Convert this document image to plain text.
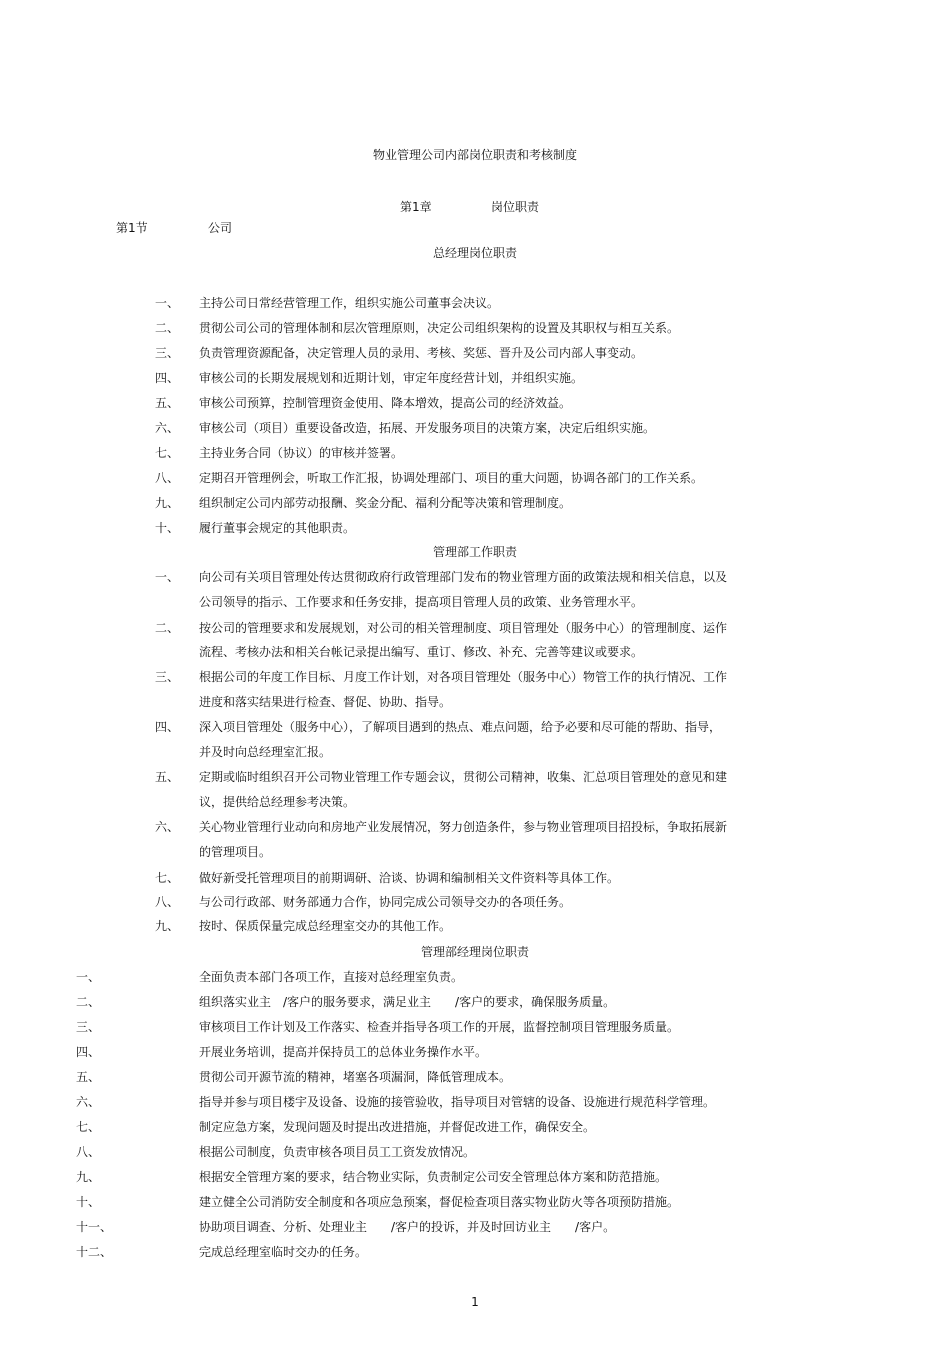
物业管理公司内部岗位职责和考核制度
第1章	岗位职责
第1节	公司
总经理岗位职责
一、 主持公司日常经营管理工作，组织实施公司董事会决议。
二、 贯彻公司公司的管理体制和层次管理原则，决定公司组织架构的设置及其职权与相互关系。
三、 负责管理资源配备，决定管理人员的录用、考核、奖惩、晋升及公司内部人事变动。
四、 审核公司的长期发展规划和近期计划，审定年度经营计划，并组织实施。
五、 审核公司预算，控制管理资金使用、降本增效，提高公司的经济效益。
六、 审核公司（项目）重要设备改造，拓展、开发服务项目的决策方案，决定后组织实施。
七、 主持业务合同（协议）的审核并签署。
八、 定期召开管理例会，听取工作汇报，协调处理部门、项目的重大问题，协调各部门的工作关系。
九、 组织制定公司内部劳动报酬、奖金分配、福利分配等决策和管理制度。
十、 履行董事会规定的其他职责。
管理部工作职责
一、 向公司有关项目管理处传达贯彻政府行政管理部门发布的物业管理方面的政策法规和相关信息，以及
公司领导的指示、工作要求和任务安排，提高项目管理人员的政策、业务管理水平。
二、 按公司的管理要求和发展规划，对公司的相关管理制度、项目管理处（服务中心）的管理制度、运作
流程、考核办法和相关台帐记录提出编写、重订、修改、补充、完善等建议或要求。
三、 根据公司的年度工作目标、月度工作计划，对各项目管理处（服务中心）物管工作的执行情况、工作
进度和落实结果进行检查、督促、协助、指导。
四、 深入项目管理处（服务中心），了解项目遇到的热点、难点问题，给予必要和尽可能的帮助、指导，
并及时向总经理室汇报。
五、 定期或临时组织召开公司物业管理工作专题会议，贯彻公司精神，收集、汇总项目管理处的意见和建
议，提供给总经理参考决策。
六、 关心物业管理行业动向和房地产业发展情况，努力创造条件，参与物业管理项目招投标，争取拓展新
的管理项目。
七、 做好新受托管理项目的前期调研、洽谈、协调和编制相关文件资料等具体工作。
八、 与公司行政部、财务部通力合作，协同完成公司领导交办的各项任务。
九、 按时、保质保量完成总经理室交办的其他工作。
管理部经理岗位职责
一、	全面负责本部门各项工作，直接对总经理室负责。
二、	组织落实业主　/客户的服务要求，满足业主　　/客户的要求，确保服务质量。
三、	审核项目工作计划及工作落实、检查并指导各项工作的开展，监督控制项目管理服务质量。
四、	开展业务培训，提高并保持员工的总体业务操作水平。
五、	贯彻公司开源节流的精神，堵塞各项漏洞，降低管理成本。
六、	指导并参与项目楼宇及设备、设施的接管验收，指导项目对管辖的设备、设施进行规范科学管理。
七、	制定应急方案，发现问题及时提出改进措施，并督促改进工作，确保安全。
八、	根据公司制度，负责审核各项目员工工资发放情况。
九、	根据安全管理方案的要求，结合物业实际，负责制定公司安全管理总体方案和防范措施。
十、	建立健全公司消防安全制度和各项应急预案，督促检查项目落实物业防火等各项预防措施。
十一、	协助项目调查、分析、处理业主　　/客户的投诉，并及时回访业主　　/客户。
十二、	完成总经理室临时交办的任务。
1
